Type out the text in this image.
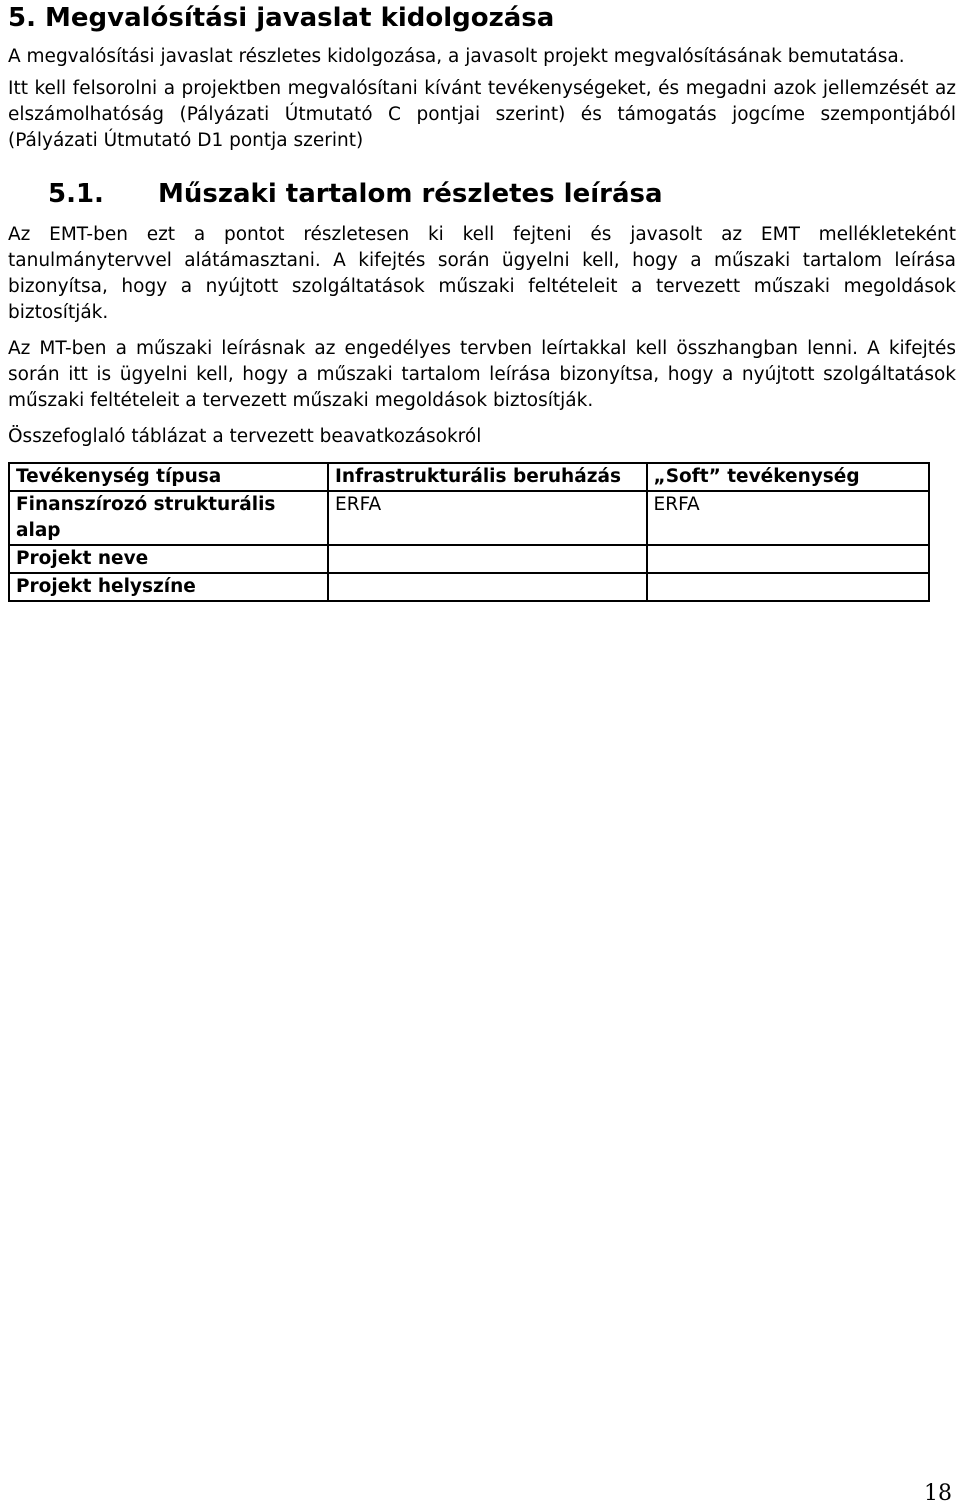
5. Megvalósítási javaslat kidolgozása

A megvalósítási javaslat részletes kidolgozása, a javasolt projekt megvalósításának bemutatása.

Itt kell felsorolni a projektben megvalósítani kívánt tevékenységeket, és megadni azok jellemzését az elszámolhatóság (Pályázati Útmutató C pontjai szerint) és támogatás jogcíme szempontjából (Pályázati Útmutató D1 pontja szerint)

5.1. Műszaki tartalom részletes leírása

Az EMT-ben ezt a pontot részletesen ki kell fejteni és javasolt az EMT mellékleteként tanulmánytervvel alátámasztani. A kifejtés során ügyelni kell, hogy a műszaki tartalom leírása bizonyítsa, hogy a nyújtott szolgáltatások műszaki feltételeit a tervezett műszaki megoldások biztosítják.

Az MT-ben a műszaki leírásnak az engedélyes tervben leírtakkal kell összhangban lenni. A kifejtés során itt is ügyelni kell, hogy a műszaki tartalom leírása bizonyítsa, hogy a nyújtott szolgáltatások műszaki feltételeit a tervezett műszaki megoldások biztosítják.

Összefoglaló táblázat a tervezett beavatkozásokról

Tevékenység típusa	Infrastrukturális beruházás	„Soft” tevékenység
Finanszírozó strukturális alap	ERFA	ERFA
Projekt neve		
Projekt helyszíne		
18
